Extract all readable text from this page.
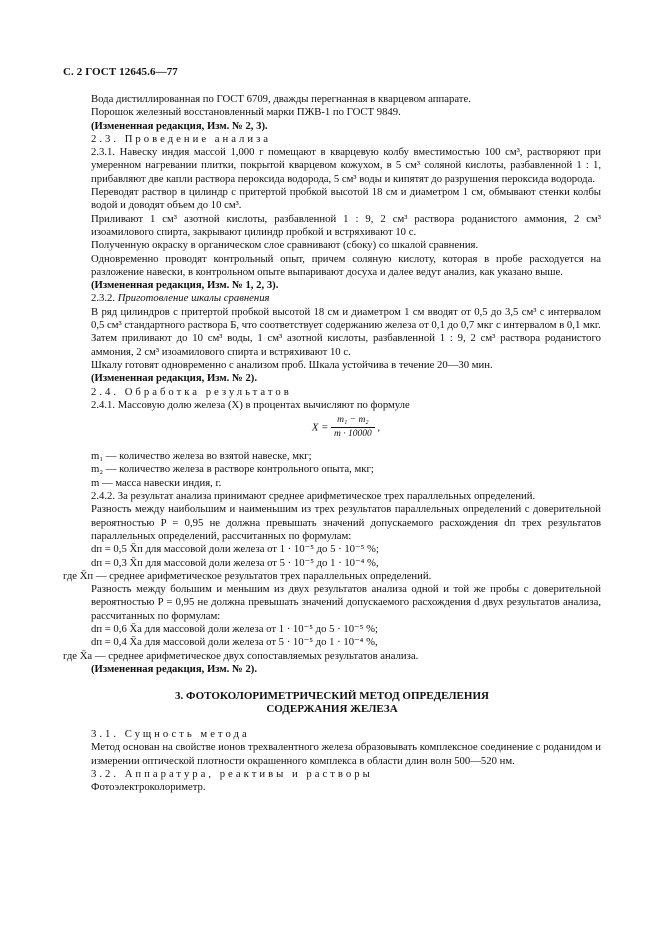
С. 2 ГОСТ 12645.6—77

Вода дистиллированная по ГОСТ 6709, дважды перегнанная в кварцевом аппарате.

Порошок железный восстановленный марки ПЖВ-1 по ГОСТ 9849.

(Измененная редакция, Изм. № 2, 3).

2.3. Проведение анализа

2.3.1. Навеску индия массой 1,000 г помещают в кварцевую колбу вместимостью 100 см³, растворяют при умеренном нагревании плитки, покрытой кварцевом кожухом, в 5 см³ соляной кислоты, разбавленной 1 : 1, прибавляют две капли раствора пероксида водорода, 5 см³ воды и кипятят до разрушения пероксида водорода.

Переводят раствор в цилиндр с притертой пробкой высотой 18 см и диаметром 1 см, обмывают стенки колбы водой и доводят объем до 10 см³.

Приливают 1 см³ азотной кислоты, разбавленной 1 : 9, 2 см³ раствора роданистого аммония, 2 см³ изоамилового спирта, закрывают цилиндр пробкой и встряхивают 10 с.

Полученную окраску в органическом слое сравнивают (сбоку) со шкалой сравнения.

Одновременно проводят контрольный опыт, причем соляную кислоту, которая в пробе расходуется на разложение навески, в контрольном опыте выпаривают досуха и далее ведут анализ, как указано выше.

(Измененная редакция, Изм. № 1, 2, 3).

2.3.2. Приготовление шкалы сравнения

В ряд цилиндров с притертой пробкой высотой 18 см и диаметром 1 см вводят от 0,5 до 3,5 см³ с интервалом 0,5 см³ стандартного раствора Б, что соответствует содержанию железа от 0,1 до 0,7 мкг с интервалом в 0,1 мкг.

Затем приливают до 10 см³ воды, 1 см³ азотной кислоты, разбавленной 1 : 9, 2 см³ раствора роданистого аммония, 2 см³ изоамилового спирта и встряхивают 10 с.

Шкалу готовят одновременно с анализом проб. Шкала устойчива в течение 20—30 мин.

(Измененная редакция, Изм. № 2).

2.4. Обработка результатов

2.4.1. Массовую долю железа (X) в процентах вычисляют по формуле

$X = \frac{\text{m₁ − m₂}}{m \cdot 10000}$ ,

m₁ — количество железа во взятой навеске, мкг;

m₂ — количество железа в растворе контрольного опыта, мкг;

m — масса навески индия, г.

2.4.2. За результат анализа принимают среднее арифметическое трех параллельных определений.

Разность между наибольшим и наименьшим из трех результатов параллельных определений с доверительной вероятностью P = 0,95 не должна превышать значений допускаемого расхождения dп трех результатов параллельных определений, рассчитанных по формулам:

dп = 0,5 X̄п для массовой доли железа от 1 · 10⁻⁵ до 5 · 10⁻⁵ %;

dп = 0,3 X̄п для массовой доли железа от 5 · 10⁻⁵ до 1 · 10⁻⁴ %,

где X̄п — среднее арифметическое результатов трех параллельных определений.

Разность между большим и меньшим из двух результатов анализа одной и той же пробы с доверительной вероятностью P = 0,95 не должна превышать значений допускаемого расхождения d двух результатов анализа, рассчитанных по формулам:

dп = 0,6 X̄а для массовой доли железа от 1 · 10⁻⁵ до 5 · 10⁻⁵ %;

dп = 0,4 X̄а для массовой доли железа от 5 · 10⁻⁵ до 1 · 10⁻⁴ %,

где X̄а — среднее арифметическое двух сопоставляемых результатов анализа.

(Измененная редакция, Изм. № 2).

3. ФОТОКОЛОРИМЕТРИЧЕСКИЙ МЕТОД ОПРЕДЕЛЕНИЯ
СОДЕРЖАНИЯ ЖЕЛЕЗА

3.1. Сущность метода

Метод основан на свойстве ионов трехвалентного железа образовывать комплексное соединение с роданидом и измерении оптической плотности окрашенного комплекса в области длин волн 500—520 нм.

3.2. Аппаратура, реактивы и растворы

Фотоэлектроколориметр.
